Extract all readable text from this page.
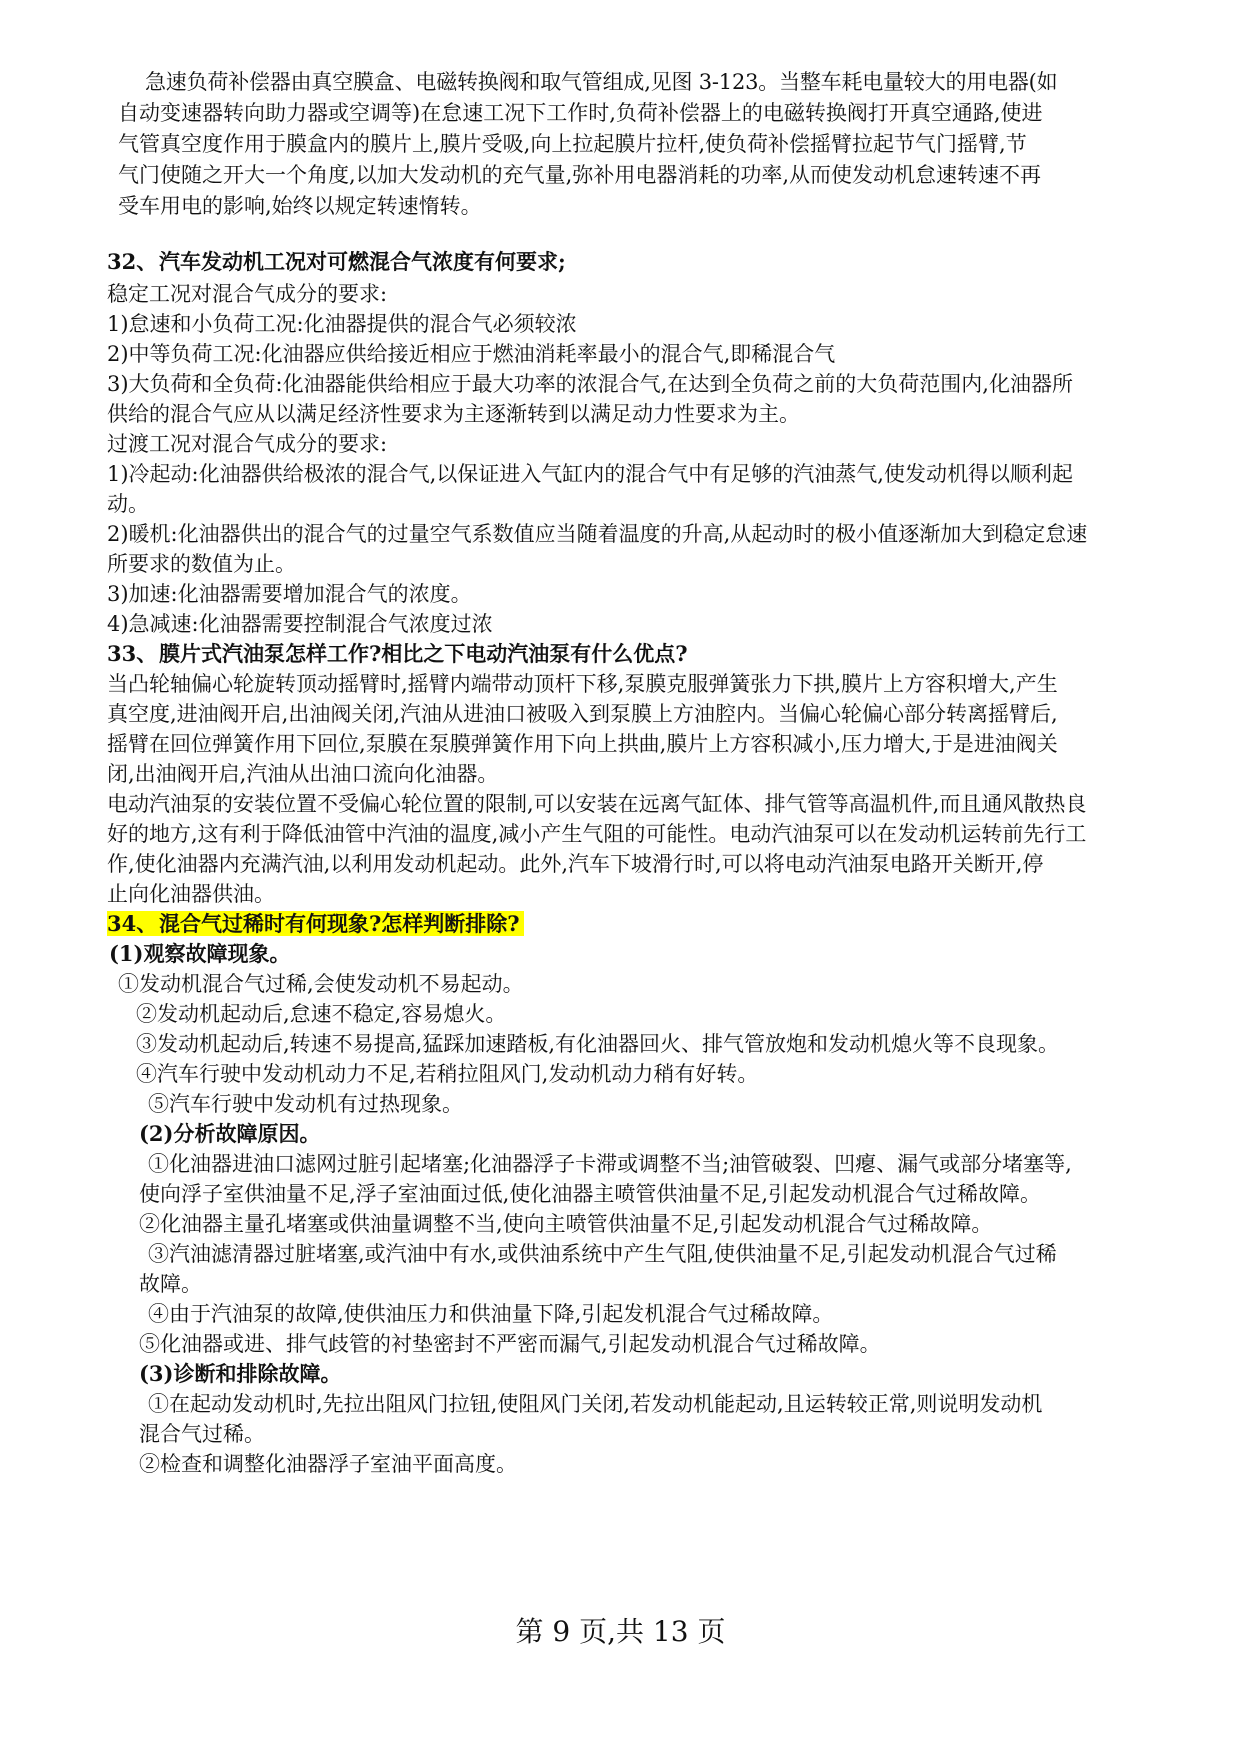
急速负荷补偿器由真空膜盒、电磁转换阀和取气管组成,见图 3-123。当整车耗电量较大的用电器(如
自动变速器转向助力器或空调等)在怠速工况下工作时,负荷补偿器上的电磁转换阀打开真空通路,使进
气管真空度作用于膜盒内的膜片上,膜片受吸,向上拉起膜片拉杆,使负荷补偿摇臂拉起节气门摇臂,节
气门使随之开大一个角度,以加大发动机的充气量,弥补用电器消耗的功率,从而使发动机怠速转速不再
受车用电的影响,始终以规定转速惰转。
32、汽车发动机工况对可燃混合气浓度有何要求;
稳定工况对混合气成分的要求:
1)怠速和小负荷工况:化油器提供的混合气必须较浓
2)中等负荷工况:化油器应供给接近相应于燃油消耗率最小的混合气,即稀混合气
3)大负荷和全负荷:化油器能供给相应于最大功率的浓混合气,在达到全负荷之前的大负荷范围内,化油器所
供给的混合气应从以满足经济性要求为主逐渐转到以满足动力性要求为主。
过渡工况对混合气成分的要求:
1)冷起动:化油器供给极浓的混合气,以保证进入气缸内的混合气中有足够的汽油蒸气,使发动机得以顺利起
动。
2)暖机:化油器供出的混合气的过量空气系数值应当随着温度的升高,从起动时的极小值逐渐加大到稳定怠速
所要求的数值为止。
3)加速:化油器需要增加混合气的浓度。
4)急减速:化油器需要控制混合气浓度过浓
33、膜片式汽油泵怎样工作?相比之下电动汽油泵有什么优点?
当凸轮轴偏心轮旋转顶动摇臂时,摇臂内端带动顶杆下移,泵膜克服弹簧张力下拱,膜片上方容积增大,产生
真空度,进油阀开启,出油阀关闭,汽油从进油口被吸入到泵膜上方油腔内。当偏心轮偏心部分转离摇臂后,
摇臂在回位弹簧作用下回位,泵膜在泵膜弹簧作用下向上拱曲,膜片上方容积减小,压力增大,于是进油阀关
闭,出油阀开启,汽油从出油口流向化油器。
电动汽油泵的安装位置不受偏心轮位置的限制,可以安装在远离气缸体、排气管等高温机件,而且通风散热良
好的地方,这有利于降低油管中汽油的温度,减小产生气阻的可能性。电动汽油泵可以在发动机运转前先行工
作,使化油器内充满汽油,以利用发动机起动。此外,汽车下坡滑行时,可以将电动汽油泵电路开关断开,停
止向化油器供油。
34、混合气过稀时有何现象?怎样判断排除?
(1)观察故障现象。
①发动机混合气过稀,会使发动机不易起动。
②发动机起动后,怠速不稳定,容易熄火。
③发动机起动后,转速不易提高,猛踩加速踏板,有化油器回火、排气管放炮和发动机熄火等不良现象。
④汽车行驶中发动机动力不足,若稍拉阻风门,发动机动力稍有好转。
⑤汽车行驶中发动机有过热现象。
(2)分析故障原因。
①化油器进油口滤网过脏引起堵塞;化油器浮子卡滞或调整不当;油管破裂、凹瘪、漏气或部分堵塞等,
使向浮子室供油量不足,浮子室油面过低,使化油器主喷管供油量不足,引起发动机混合气过稀故障。
②化油器主量孔堵塞或供油量调整不当,使向主喷管供油量不足,引起发动机混合气过稀故障。
③汽油滤清器过脏堵塞,或汽油中有水,或供油系统中产生气阻,使供油量不足,引起发动机混合气过稀
故障。
④由于汽油泵的故障,使供油压力和供油量下降,引起发机混合气过稀故障。
⑤化油器或进、排气歧管的衬垫密封不严密而漏气,引起发动机混合气过稀故障。
(3)诊断和排除故障。
①在起动发动机时,先拉出阻风门拉钮,使阻风门关闭,若发动机能起动,且运转较正常,则说明发动机
混合气过稀。
②检查和调整化油器浮子室油平面高度。
第 9 页,共 13 页
